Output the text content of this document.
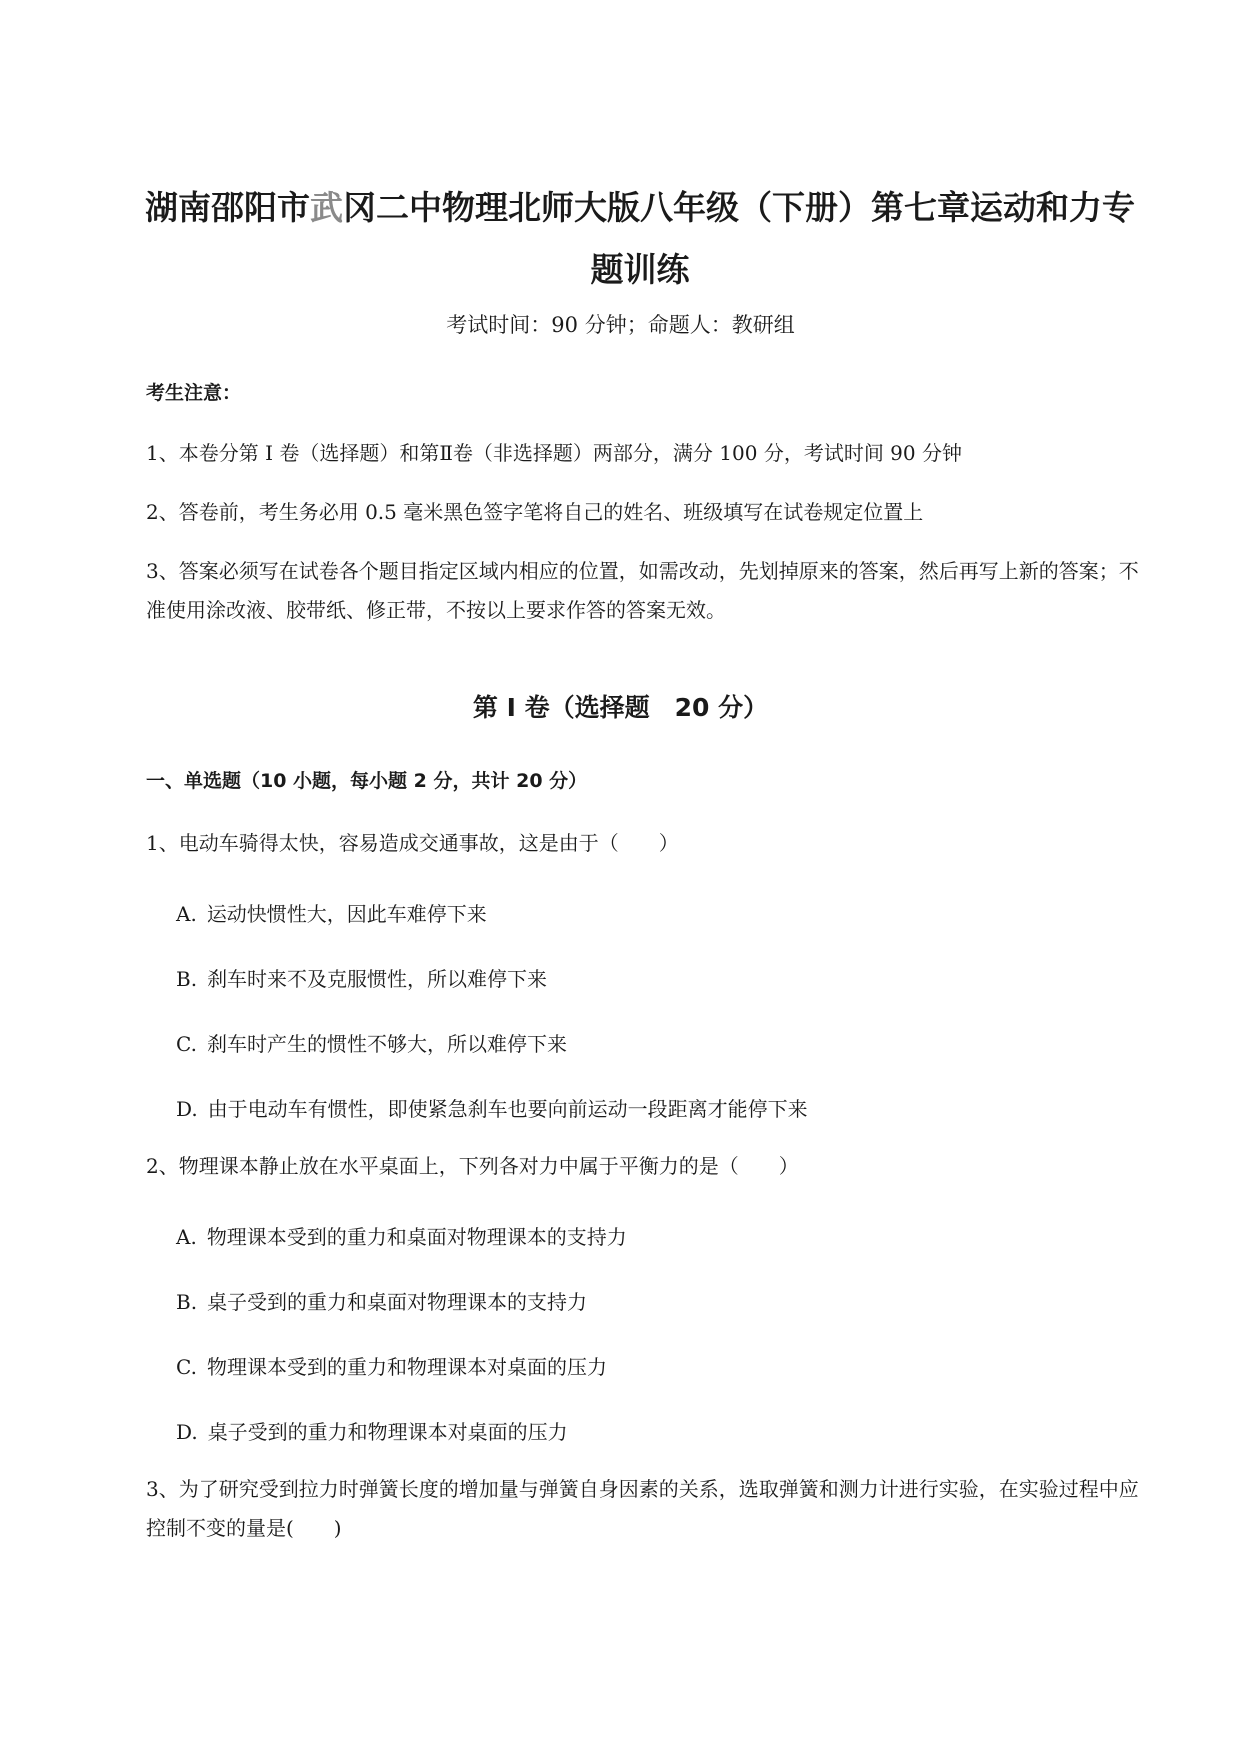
湖南邵阳市武冈二中物理北师大版八年级（下册）第七章运动和力专题训练

考试时间：90 分钟；命题人：教研组

考生注意：

1、本卷分第 I 卷（选择题）和第Ⅱ卷（非选择题）两部分，满分 100 分，考试时间 90 分钟

2、答卷前，考生务必用 0.5 毫米黑色签字笔将自己的姓名、班级填写在试卷规定位置上

3、答案必须写在试卷各个题目指定区域内相应的位置，如需改动，先划掉原来的答案，然后再写上新的答案；不准使用涂改液、胶带纸、修正带，不按以上要求作答的答案无效。

第 I 卷（选择题　20 分）

一、单选题（10 小题，每小题 2 分，共计 20 分）

1、电动车骑得太快，容易造成交通事故，这是由于（　　）

A. 运动快惯性大，因此车难停下来

B. 刹车时来不及克服惯性，所以难停下来

C. 刹车时产生的惯性不够大，所以难停下来

D. 由于电动车有惯性，即使紧急刹车也要向前运动一段距离才能停下来

2、物理课本静止放在水平桌面上，下列各对力中属于平衡力的是（　　）

A. 物理课本受到的重力和桌面对物理课本的支持力

B. 桌子受到的重力和桌面对物理课本的支持力

C. 物理课本受到的重力和物理课本对桌面的压力

D. 桌子受到的重力和物理课本对桌面的压力

3、为了研究受到拉力时弹簧长度的增加量与弹簧自身因素的关系，选取弹簧和测力计进行实验，在实验过程中应控制不变的量是(　　)
